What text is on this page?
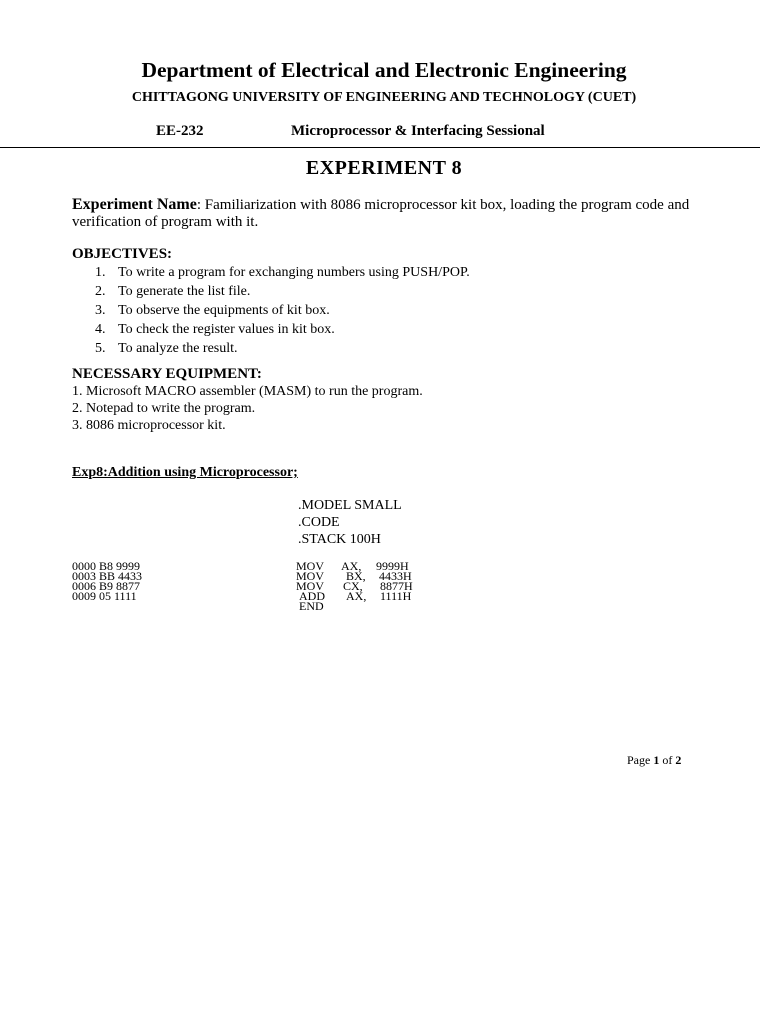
Department of Electrical and Electronic Engineering
CHITTAGONG UNIVERSITY OF ENGINEERING AND TECHNOLOGY (CUET)
EE-232	Microprocessor & Interfacing Sessional
EXPERIMENT 8

Experiment Name: Familiarization with 8086 microprocessor kit box, loading the program code and verification of program with it.

OBJECTIVES:
1. To write a program for exchanging numbers using PUSH/POP.
2. To generate the list file.
3. To observe the equipments of kit box.
4. To check the register values in kit box.
5. To analyze the result.
NECESSARY EQUIPMENT:
1. Microsoft MACRO assembler (MASM) to run the program.
2. Notepad to write the program.
3. 8086 microprocessor kit.
Exp8:Addition using Microprocessor;
.MODEL SMALL
.CODE
.STACK 100H
0000 B8 9999
0003 BB 4433
0006 B9 8877
0009 05 1111
MOV AX, 9999H
MOV BX, 4433H
MOV CX, 8877H
ADD AX, 1111H
END
Page 1 of 2
